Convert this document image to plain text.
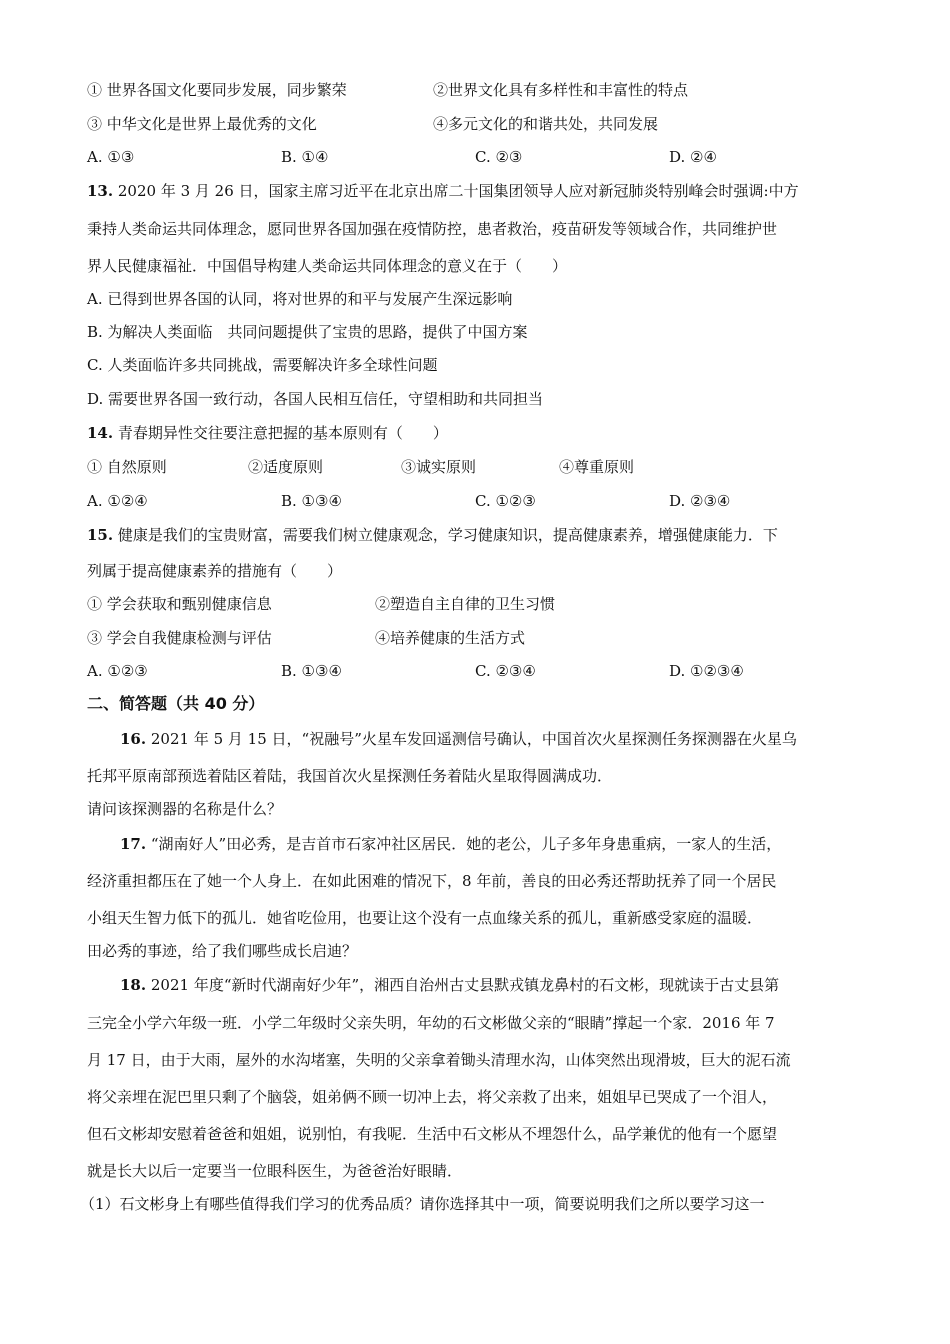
① 世界各国文化要同步发展，同步繁荣	②世界文化具有多样性和丰富性的特点
③ 中华文化是世界上最优秀的文化	④多元文化的和谐共处，共同发展
A. ①③	B. ①④	C. ②③	D. ②④
13. 2020 年 3 月 26 日，国家主席习近平在北京出席二十国集团领导人应对新冠肺炎特别峰会时强调:中方
秉持人类命运共同体理念，愿同世界各国加强在疫情防控，患者救治，疫苗研发等领域合作，共同维护世
界人民健康福祉．中国倡导构建人类命运共同体理念的意义在于（　　）
A. 已得到世界各国的认同，将对世界的和平与发展产生深远影响
B. 为解决人类面临　共同问题提供了宝贵的思路，提供了中国方案
C. 人类面临许多共同挑战，需要解决许多全球性问题
D. 需要世界各国一致行动，各国人民相互信任，守望相助和共同担当
14. 青春期异性交往要注意把握的基本原则有（　　）
① 自然原则	②适度原则	③诚实原则	④尊重原则
A. ①②④	B. ①③④	C. ①②③	D. ②③④
15. 健康是我们的宝贵财富，需要我们树立健康观念，学习健康知识，提高健康素养，增强健康能力．下
列属于提高健康素养的措施有（　　）
① 学会获取和甄别健康信息	②塑造自主自律的卫生习惯
③ 学会自我健康检测与评估	④培养健康的生活方式
A. ①②③	B. ①③④	C. ②③④	D. ①②③④
二、简答题（共 40 分）
16. 2021 年 5 月 15 日，“祝融号”火星车发回遥测信号确认，中国首次火星探测任务探测器在火星乌
托邦平原南部预选着陆区着陆，我国首次火星探测任务着陆火星取得圆满成功．
请问该探测器的名称是什么？
17. “湖南好人”田必秀，是吉首市石家冲社区居民．她的老公，儿子多年身患重病，一家人的生活，
经济重担都压在了她一个人身上．在如此困难的情况下，8 年前，善良的田必秀还帮助抚养了同一个居民
小组天生智力低下的孤儿．她省吃俭用，也要让这个没有一点血缘关系的孤儿，重新感受家庭的温暖．
田必秀的事迹，给了我们哪些成长启迪？
18. 2021 年度“新时代湖南好少年”，湘西自治州古丈县默戎镇龙鼻村的石文彬，现就读于古丈县第
三完全小学六年级一班．小学二年级时父亲失明，年幼的石文彬做父亲的“眼睛”撑起一个家．2016 年 7
月 17 日，由于大雨，屋外的水沟堵塞，失明的父亲拿着锄头清理水沟，山体突然出现滑坡，巨大的泥石流
将父亲埋在泥巴里只剩了个脑袋，姐弟俩不顾一切冲上去，将父亲救了出来，姐姐早已哭成了一个泪人，
但石文彬却安慰着爸爸和姐姐，说别怕，有我呢．生活中石文彬从不埋怨什么，品学兼优的他有一个愿望
就是长大以后一定要当一位眼科医生，为爸爸治好眼睛．
（1）石文彬身上有哪些值得我们学习的优秀品质？请你选择其中一项，简要说明我们之所以要学习这一
